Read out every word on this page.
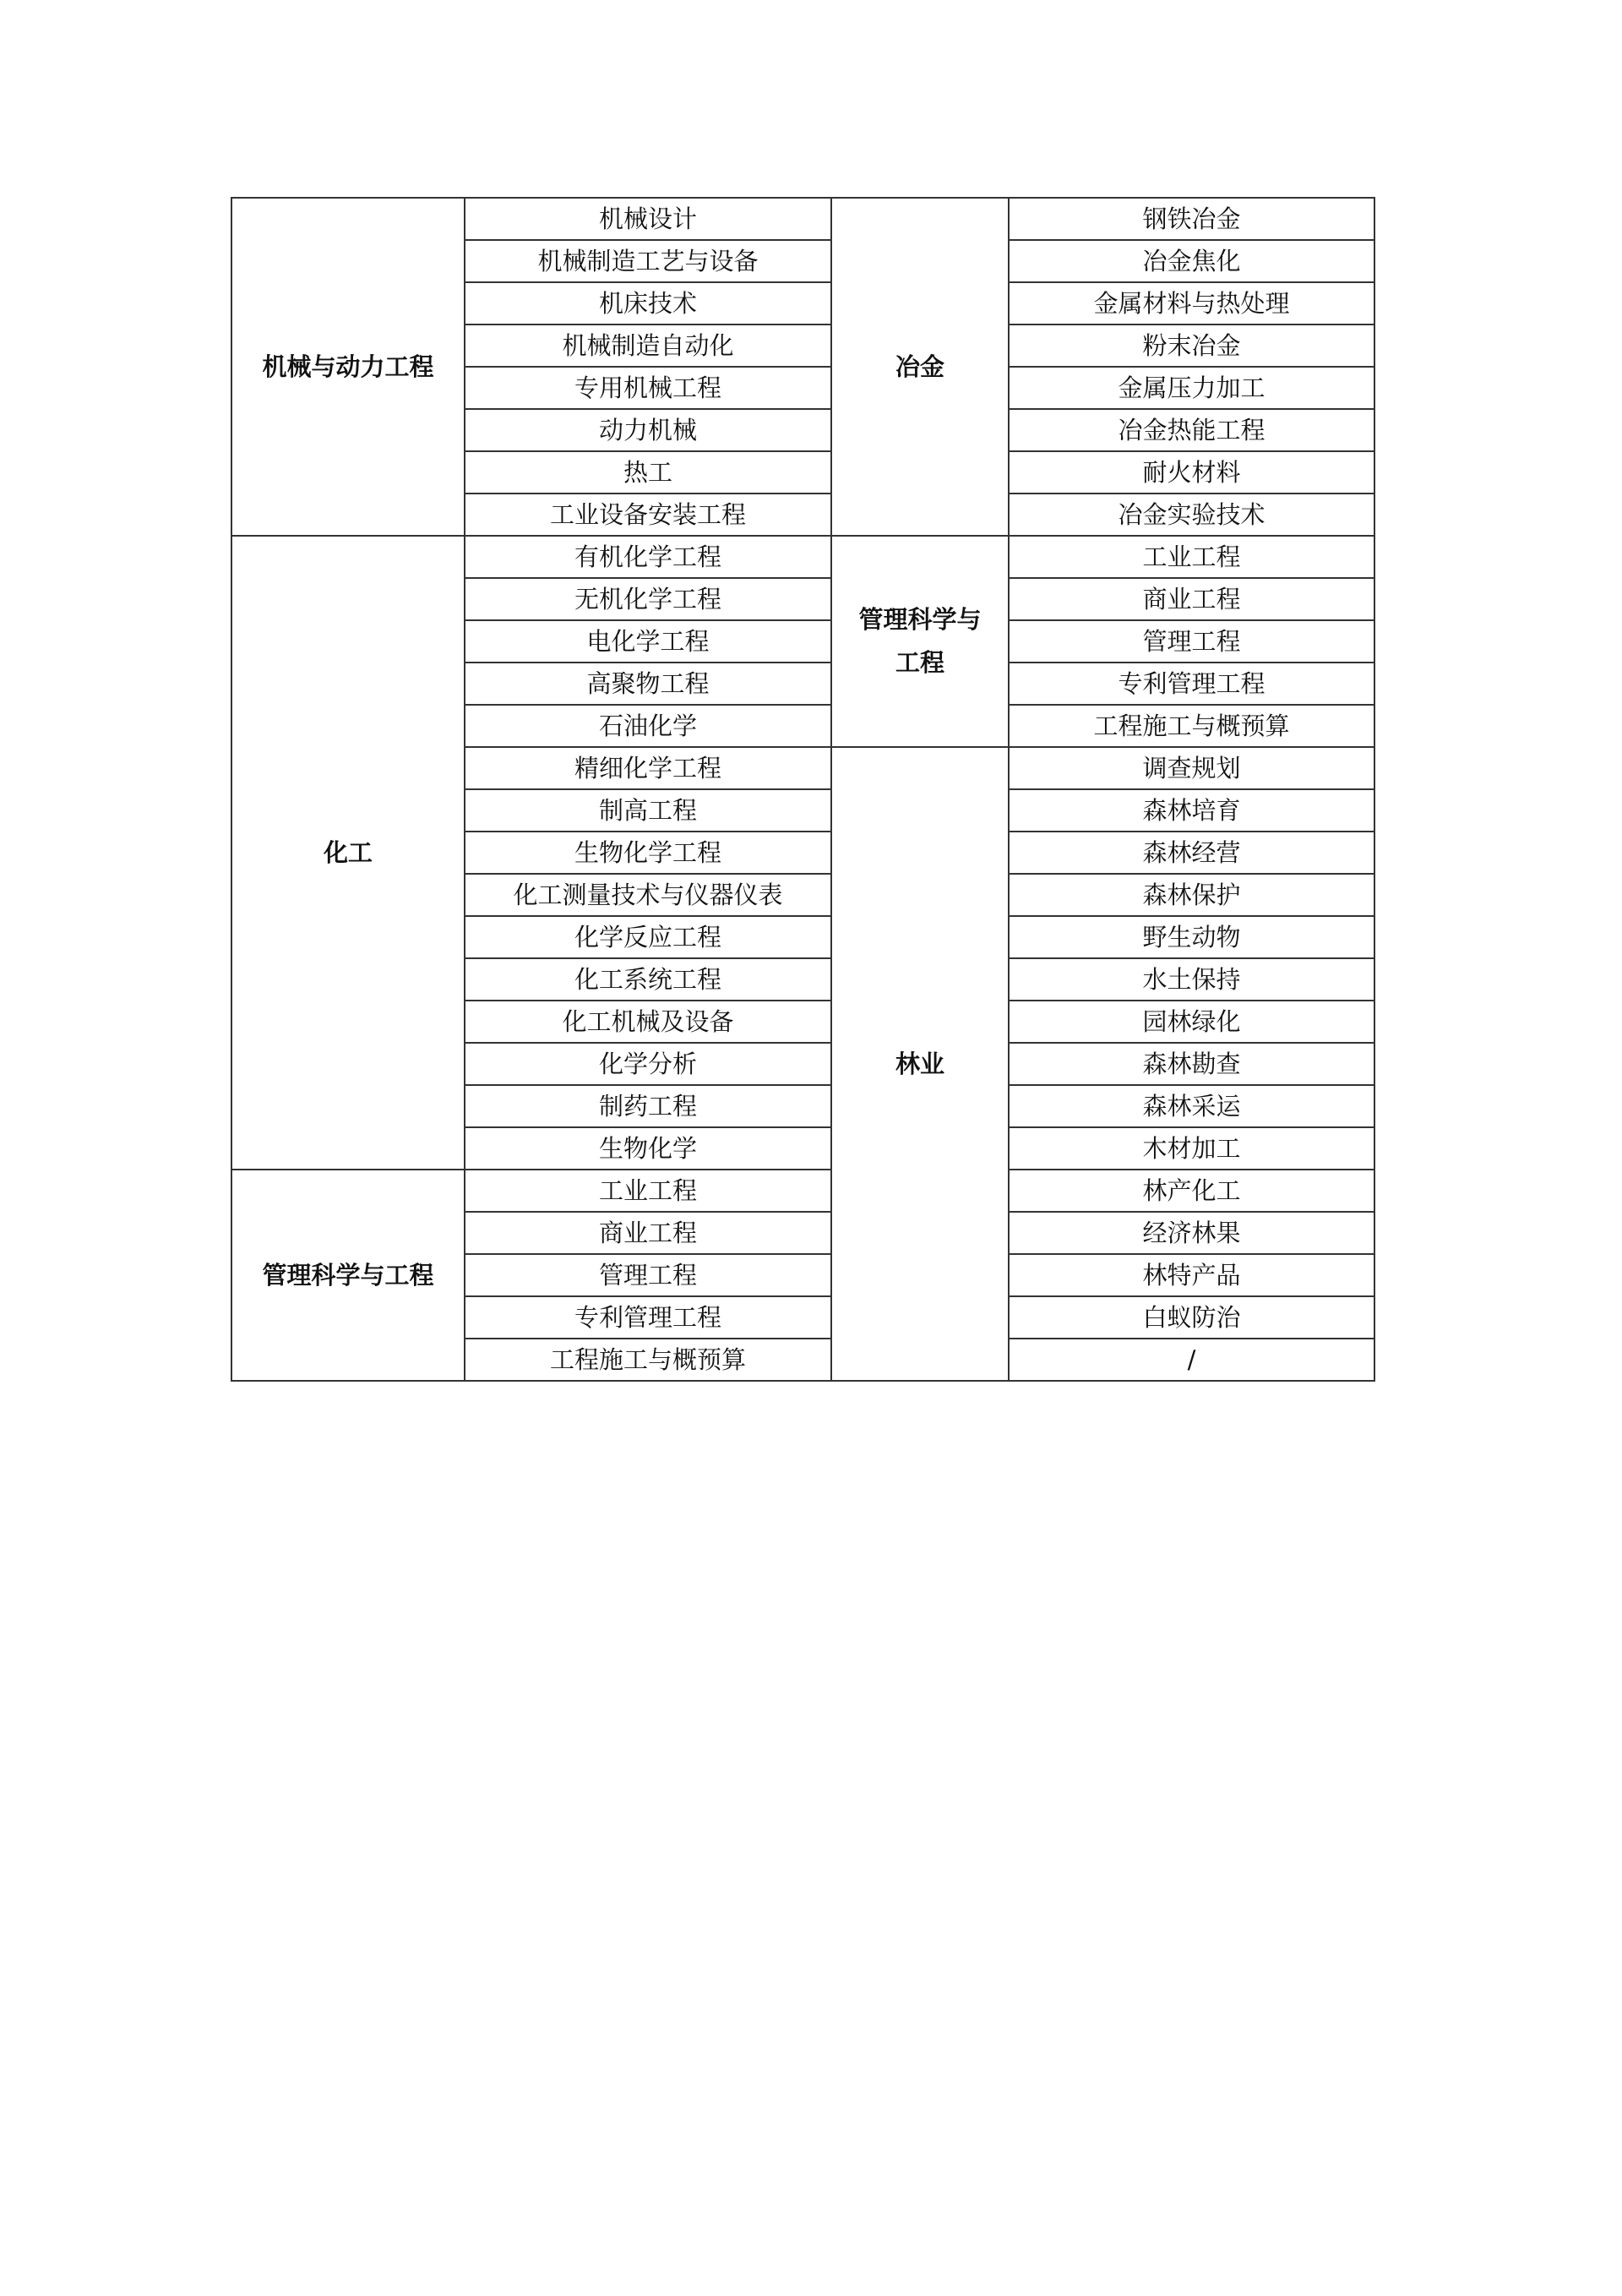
机械与动力工程	机械设计	冶金	钢铁冶金
	机械制造工艺与设备		冶金焦化
	机床技术		金属材料与热处理
	机械制造自动化		粉末冶金
	专用机械工程		金属压力加工
	动力机械		冶金热能工程
	热工		耐火材料
	工业设备安装工程		冶金实验技术
化工	有机化学工程	管理科学与工程	工业工程
	无机化学工程		商业工程
	电化学工程		管理工程
	高聚物工程		专利管理工程
	石油化学		工程施工与概预算
	精细化学工程	林业	调查规划
	制高工程		森林培育
	生物化学工程		森林经营
	化工测量技术与仪器仪表		森林保护
	化学反应工程		野生动物
	化工系统工程		水土保持
	化工机械及设备		园林绿化
	化学分析		森林勘查
	制药工程		森林采运
	生物化学		木材加工
管理科学与工程	工业工程		林产化工
	商业工程		经济林果
	管理工程		林特产品
	专利管理工程		白蚁防治
	工程施工与概预算		/
